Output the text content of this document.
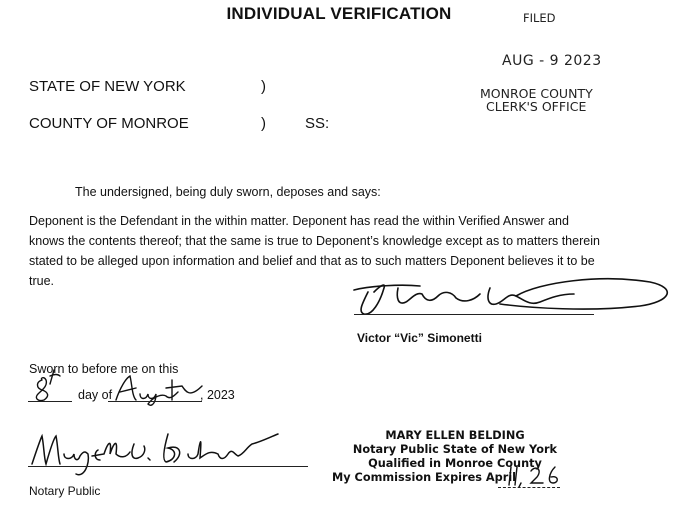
INDIVIDUAL VERIFICATION	FILED
AUG - 9 2023
MONROE COUNTY
CLERK'S OFFICE
STATE OF NEW YORK	)
COUNTY OF MONROE	)	SS:
The undersigned, being duly sworn, deposes and says:
Deponent is the Defendant in the within matter. Deponent has read the within Verified Answer and
knows the contents thereof; that the same is true to Deponent’s knowledge except as to matters therein
stated to be alleged upon information and belief and that as to such matters Deponent believes it to be
true.
Victor “Vic” Simonetti
Sworn to before me on this
day of	, 2023
Notary Public
MARY ELLEN BELDING
Notary Public State of New York
Qualified in Monroe County
My Commission Expires April
